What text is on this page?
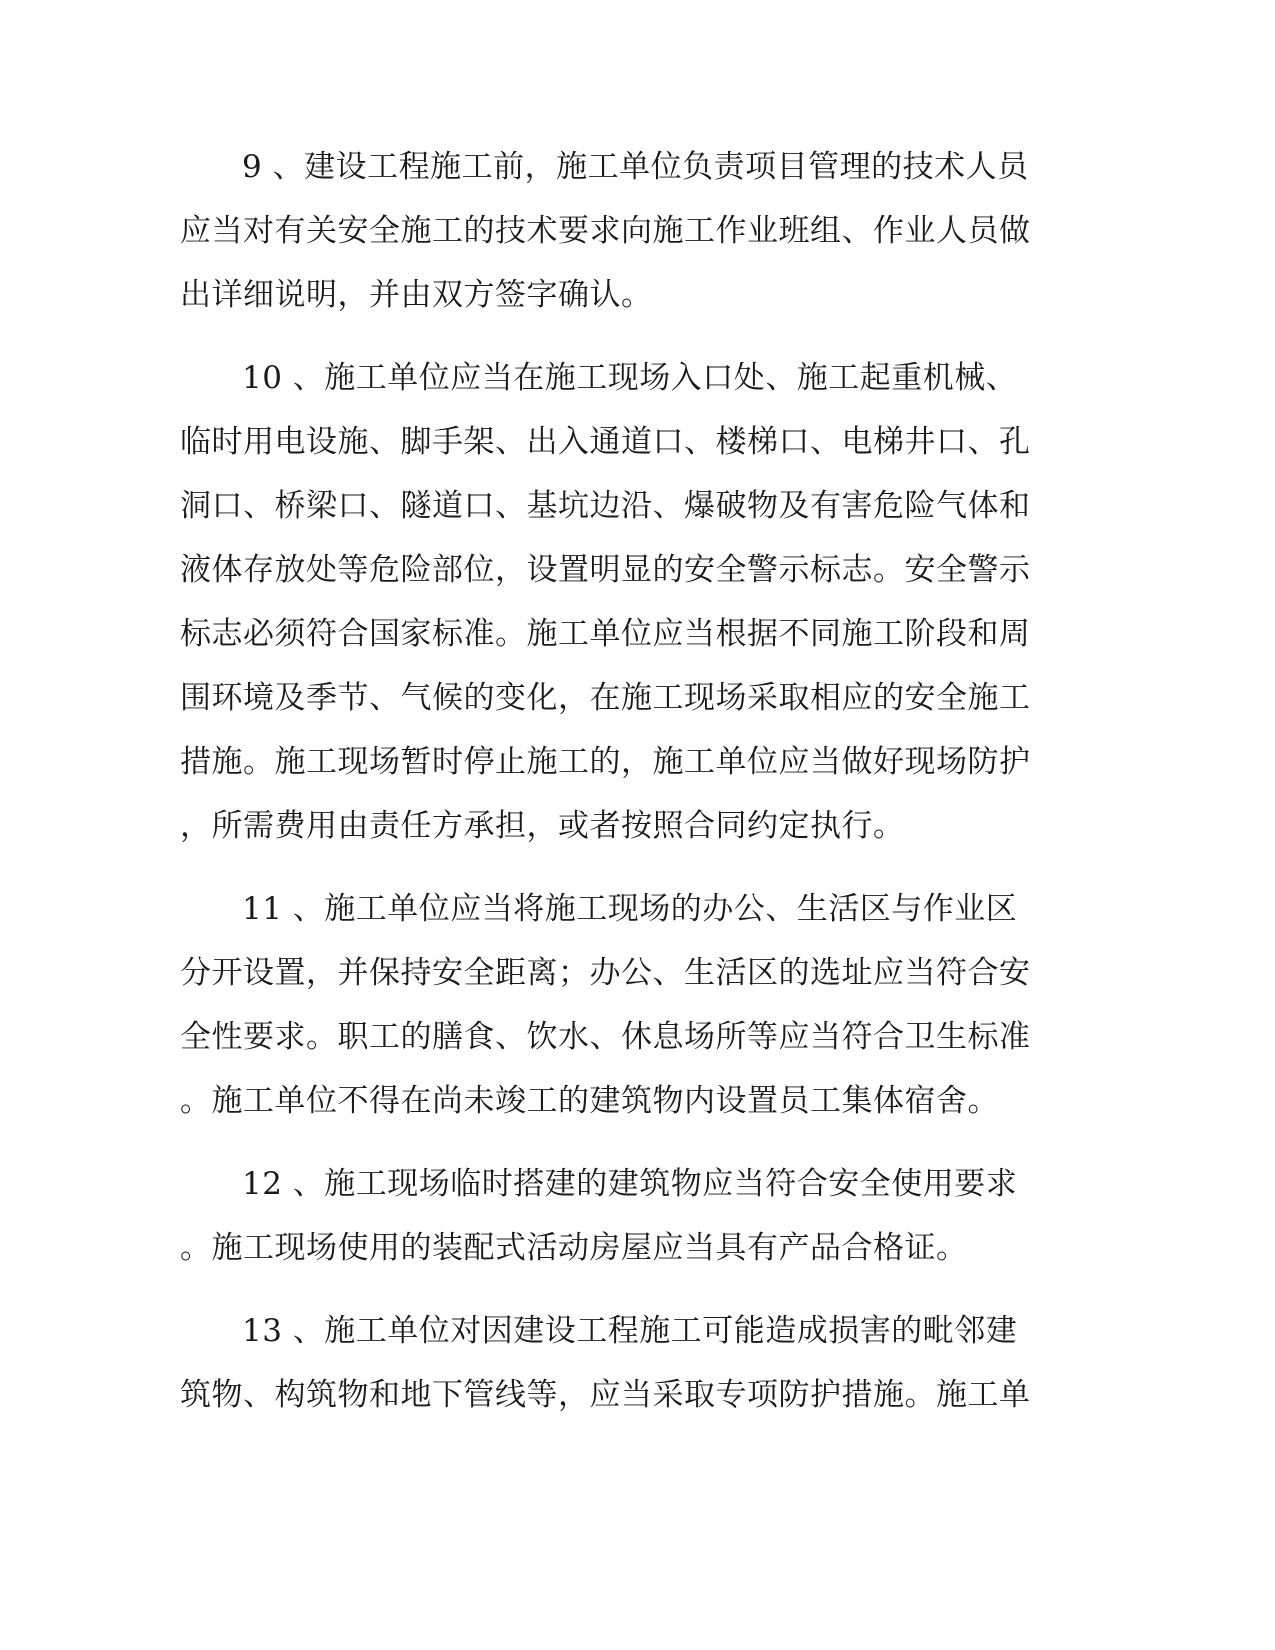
9 、建设工程施工前，施工单位负责项目管理的技术人员
应当对有关安全施工的技术要求向施工作业班组、作业人员做
出详细说明，并由双方签字确认。
10 、施工单位应当在施工现场入口处、施工起重机械、
临时用电设施、脚手架、出入通道口、楼梯口、电梯井口、孔
洞口、桥梁口、隧道口、基坑边沿、爆破物及有害危险气体和
液体存放处等危险部位，设置明显的安全警示标志。安全警示
标志必须符合国家标准。施工单位应当根据不同施工阶段和周
围环境及季节、气候的变化，在施工现场采取相应的安全施工
措施。施工现场暂时停止施工的，施工单位应当做好现场防护
，所需费用由责任方承担，或者按照合同约定执行。
11 、施工单位应当将施工现场的办公、生活区与作业区
分开设置，并保持安全距离；办公、生活区的选址应当符合安
全性要求。职工的膳食、饮水、休息场所等应当符合卫生标准
。施工单位不得在尚未竣工的建筑物内设置员工集体宿舍。
12 、施工现场临时搭建的建筑物应当符合安全使用要求
。施工现场使用的装配式活动房屋应当具有产品合格证。
13 、施工单位对因建设工程施工可能造成损害的毗邻建
筑物、构筑物和地下管线等，应当采取专项防护措施。施工单
